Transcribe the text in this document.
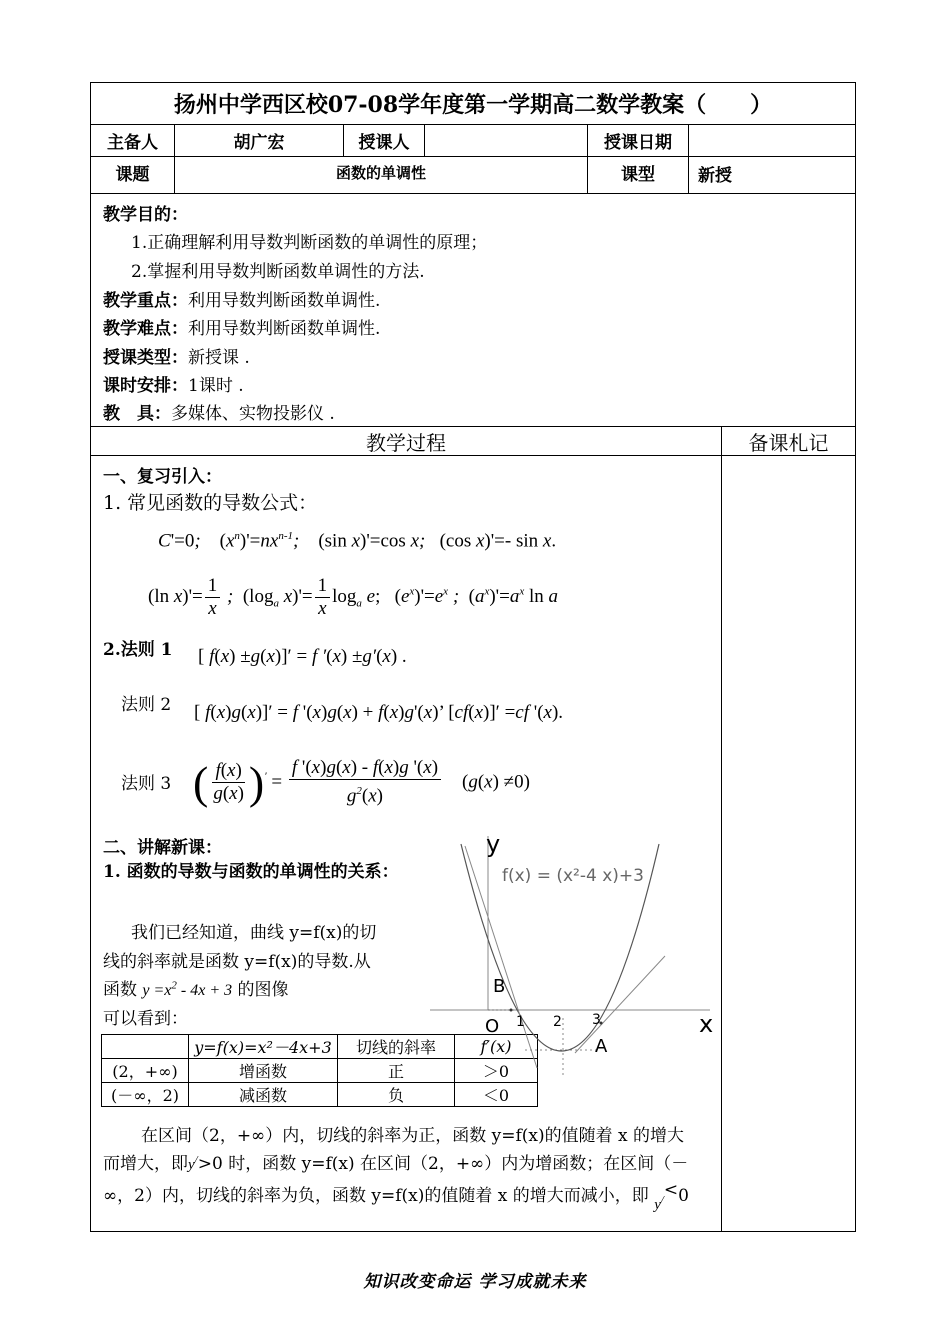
扬州中学西区校07-08学年度第一学期高二数学教案（　　）
主备人	胡广宏	授课人	授课日期
课题	函数的单调性	课型	新授
教学目的：
1.正确理解利用导数判断函数的单调性的原理；
2.掌握利用导数判断函数单调性的方法.
教学重点：利用导数判断函数单调性.
教学难点：利用导数判断函数单调性.
授课类型：新授课 .
课时安排：1课时 .
教　具：多媒体、实物投影仪 .
教学过程	备课札记
一、复习引入：
1. 常见函数的导数公式：
C'=0;    $(x^n)'=nx^{n-1}$;    (sin x)'=cos x;   (cos x)'=- sin x.
(ln $x)'= \frac{1}{x}$ ;  ($\log_a$ $x)'= \frac{1}{x} \log_a e$; $(e^x)'=e^x$ ;  $(a^x)'=a^x$ ln a
2.法则 1 [ f(x) ±g(x)]′ = f ′(x) ±g′(x) .
法则 2 [ f(x)g(x)]′ = f '(x)g(x) + f(x)g'(x)’ [cf(x)]′ =cf '(x).
法则 3 ( $\frac{f(x)}{g(x)} )' = \frac{f '(x)g(x) - f(x)g '(x)}{g^2(x)} (g(x) \ne 0)$
二、讲解新课：
1. 函数的导数与函数的单调性的关系：
我们已经知道，曲线 y=f(x)的切
线的斜率就是函数 y=f(x)的导数.从
函数 $y =x^2 - 4x + 3$ 的图像
可以看到：
	y=f(x)=x²－4x+3	切线的斜率	f′(x)
(2，+∞)	增函数	正	＞0
(－∞，2)	减函数	负	＜0
y
f(x) = (x²-4 x)+3
B
O 1 2 3	x
A
在区间（2，+∞）内，切线的斜率为正，函数 y=f(x)的值随着 x 的增大
而增大，即y/>0 时，函数 y=f(x) 在区间（2，+∞）内为增函数；在区间（－
∞，2）内，切线的斜率为负，函数 y=f(x)的值随着 x 的增大而减小，即 y/<0
知识改变命运 学习成就未来
